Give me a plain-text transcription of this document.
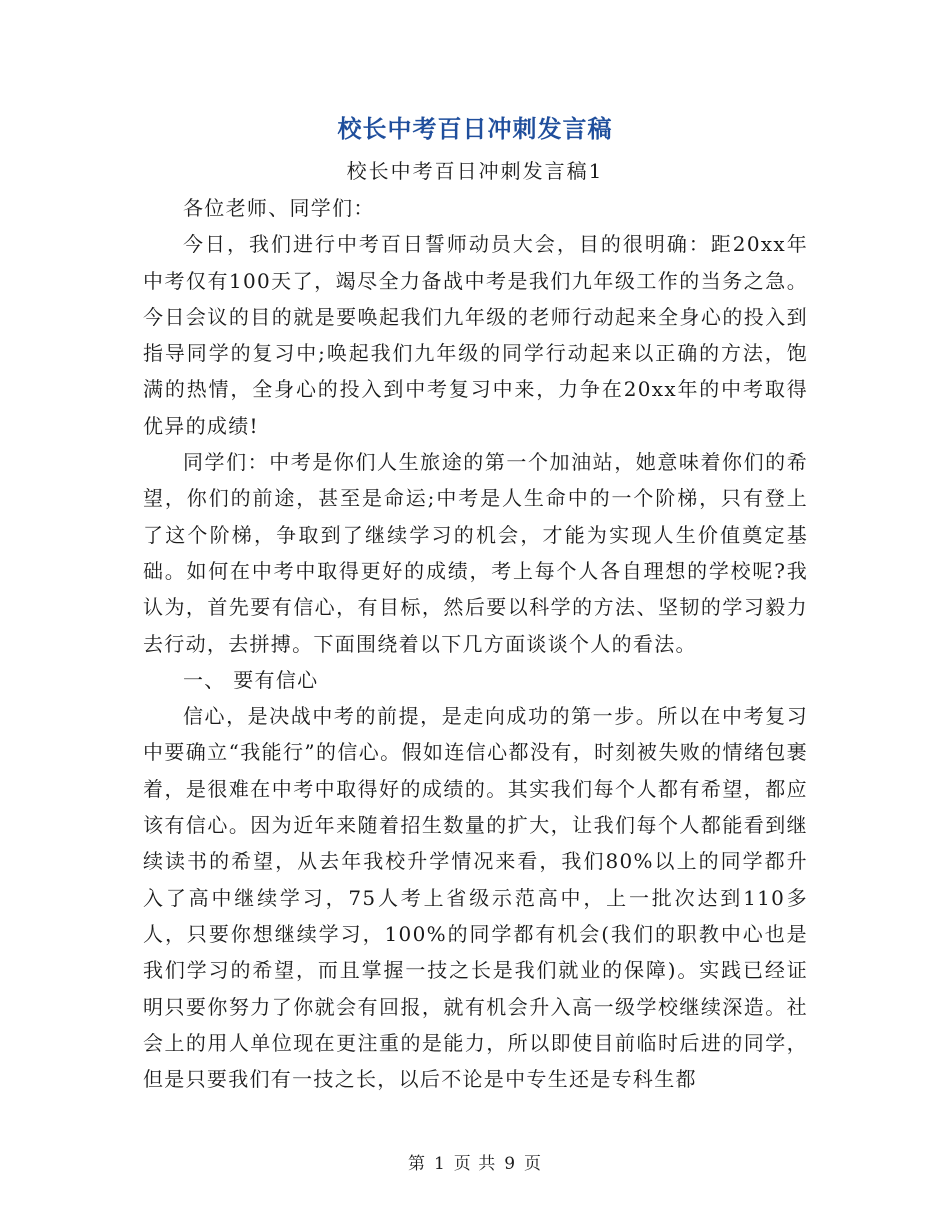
校长中考百日冲刺发言稿
校长中考百日冲刺发言稿1

各位老师、同学们：

今日，我们进行中考百日誓师动员大会，目的很明确：距20xx年中考仅有100天了，竭尽全力备战中考是我们九年级工作的当务之急。今日会议的目的就是要唤起我们九年级的老师行动起来全身心的投入到指导同学的复习中;唤起我们九年级的同学行动起来以正确的方法，饱满的热情，全身心的投入到中考复习中来，力争在20xx年的中考取得优异的成绩!

同学们：中考是你们人生旅途的第一个加油站，她意味着你们的希望，你们的前途，甚至是命运;中考是人生命中的一个阶梯，只有登上了这个阶梯，争取到了继续学习的机会，才能为实现人生价值奠定基础。如何在中考中取得更好的成绩，考上每个人各自理想的学校呢?我认为，首先要有信心，有目标，然后要以科学的方法、坚韧的学习毅力去行动，去拼搏。下面围绕着以下几方面谈谈个人的看法。

一、 要有信心

信心，是决战中考的前提，是走向成功的第一步。所以在中考复习中要确立“我能行”的信心。假如连信心都没有，时刻被失败的情绪包裹着，是很难在中考中取得好的成绩的。其实我们每个人都有希望，都应该有信心。因为近年来随着招生数量的扩大，让我们每个人都能看到继续读书的希望，从去年我校升学情况来看，我们80%以上的同学都升入了高中继续学习，75人考上省级示范高中，上一批次达到110多人，只要你想继续学习，100%的同学都有机会(我们的职教中心也是我们学习的希望，而且掌握一技之长是我们就业的保障)。实践已经证明只要你努力了你就会有回报，就有机会升入高一级学校继续深造。社会上的用人单位现在更注重的是能力，所以即使目前临时后进的同学，但是只要我们有一技之长，以后不论是中专生还是专科生都

第 1 页 共 9 页
